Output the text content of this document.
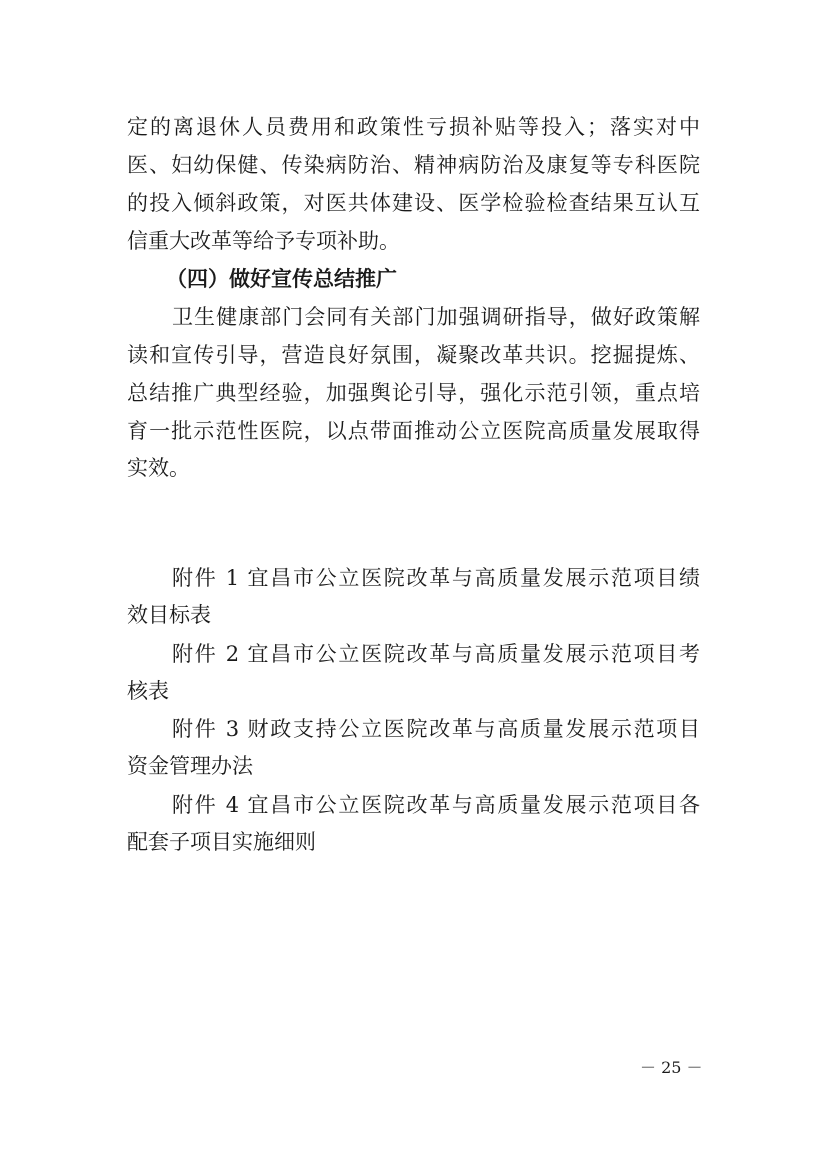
定的离退休人员费用和政策性亏损补贴等投入；落实对中
医、妇幼保健、传染病防治、精神病防治及康复等专科医院
的投入倾斜政策，对医共体建设、医学检验检查结果互认互
信重大改革等给予专项补助。
（四）做好宣传总结推广
卫生健康部门会同有关部门加强调研指导，做好政策解
读和宣传引导，营造良好氛围，凝聚改革共识。挖掘提炼、
总结推广典型经验，加强舆论引导，强化示范引领，重点培
育一批示范性医院，以点带面推动公立医院高质量发展取得
实效。
附件 1 宜昌市公立医院改革与高质量发展示范项目绩
效目标表
附件 2 宜昌市公立医院改革与高质量发展示范项目考
核表
附件 3 财政支持公立医院改革与高质量发展示范项目
资金管理办法
附件 4 宜昌市公立医院改革与高质量发展示范项目各
配套子项目实施细则
－ 25 －
